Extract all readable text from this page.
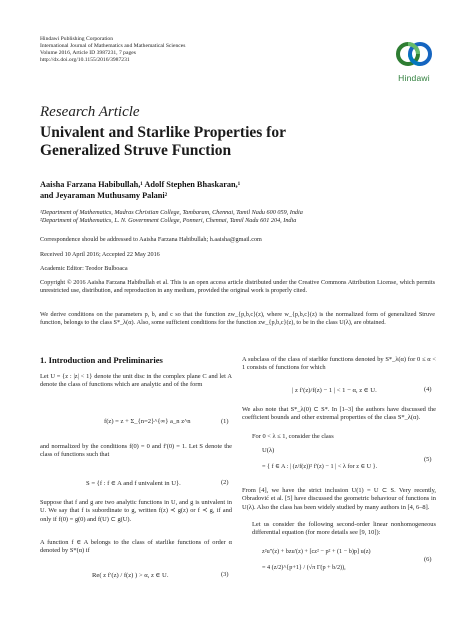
Hindawi Publishing Corporation
International Journal of Mathematics and Mathematical Sciences
Volume 2016, Article ID 3987231, 7 pages
http://dx.doi.org/10.1155/2016/3987231
Hindawi
Research Article
Univalent and Starlike Properties for
Generalized Struve Function
Aaisha Farzana Habibullah,¹ Adolf Stephen Bhaskaran,¹
and Jeyaraman Muthusamy Palani²
¹Department of Mathematics, Madras Christian College, Tambaram, Chennai, Tamil Nadu 600 059, India
²Department of Mathematics, L. N. Government College, Ponneri, Chennai, Tamil Nadu 601 204, India
Correspondence should be addressed to Aaisha Farzana Habibullah; h.aaisha@gmail.com
Received 10 April 2016; Accepted 22 May 2016
Academic Editor: Teodor Bulboaca
Copyright © 2016 Aaisha Farzana Habibullah et al. This is an open access article distributed under the Creative Commons Attribution License, which permits unrestricted use, distribution, and reproduction in any medium, provided the original work is properly cited.
We derive conditions on the parameters p, b, and c so that the function zw_{p,b,c}(z), where w_{p,b,c}(z) is the normalized form of generalized Struve function, belongs to the class S*_λ(α). Also, some sufficient conditions for the function zw_{p,b,c}(z), to be in the class U(λ), are obtained.
1. Introduction and Preliminaries
Let U = {z : |z| < 1} denote the unit disc in the complex plane C and let A denote the class of functions which are analytic and of the form
f(z) = z + Σ_{n=2}^{∞} a_n z^n	(1)
and normalized by the conditions f(0) = 0 and f′(0) = 1. Let S denote the class of functions such that
S = {f : f ∈ A and f univalent in U}.	(2)
Suppose that f and g are two analytic functions in U, and g is univalent in U. We say that f is subordinate to g, written f(z) ≺ g(z) or f ≺ g, if and only if f(0) = g(0) and f(U) ⊂ g(U).
A function f ∈ A belongs to the class of starlike functions of order α denoted by S*(α) if
Re( z f′(z) / f(z) ) > α, z ∈ U.	(3)
A subclass of the class of starlike functions denoted by S*_λ(α) for 0 ≤ α < 1 consists of functions for which
| z f′(z)/f(z) − 1 | < 1 − α, z ∈ U.	(4)
We also note that S*_λ(0) ⊂ S*. In [1–3] the authors have discussed the coefficient bounds and other extremal properties of the class S*_λ(α).
For 0 < λ ≤ 1, consider the class
U(λ)
= { f ∈ A : | (z/f(z))² f′(z) − 1 | < λ for z ∈ U }.
(5)
From [4], we have the strict inclusion U(1) = U ⊂ S. Very recently, Obradović et al. [5] have discussed the geometric behaviour of functions in U(λ). Also the class has been widely studied by many authors in [4, 6–8].
Let us consider the following second-order linear nonhomogeneous differential equation (for more details see [9, 10]):
z²u″(z) + bzu′(z) + [cz² − p² + (1 − b)p] u(z)
= 4 (z/2)^{p+1} / (√π Γ(p + b/2)),
(6)
